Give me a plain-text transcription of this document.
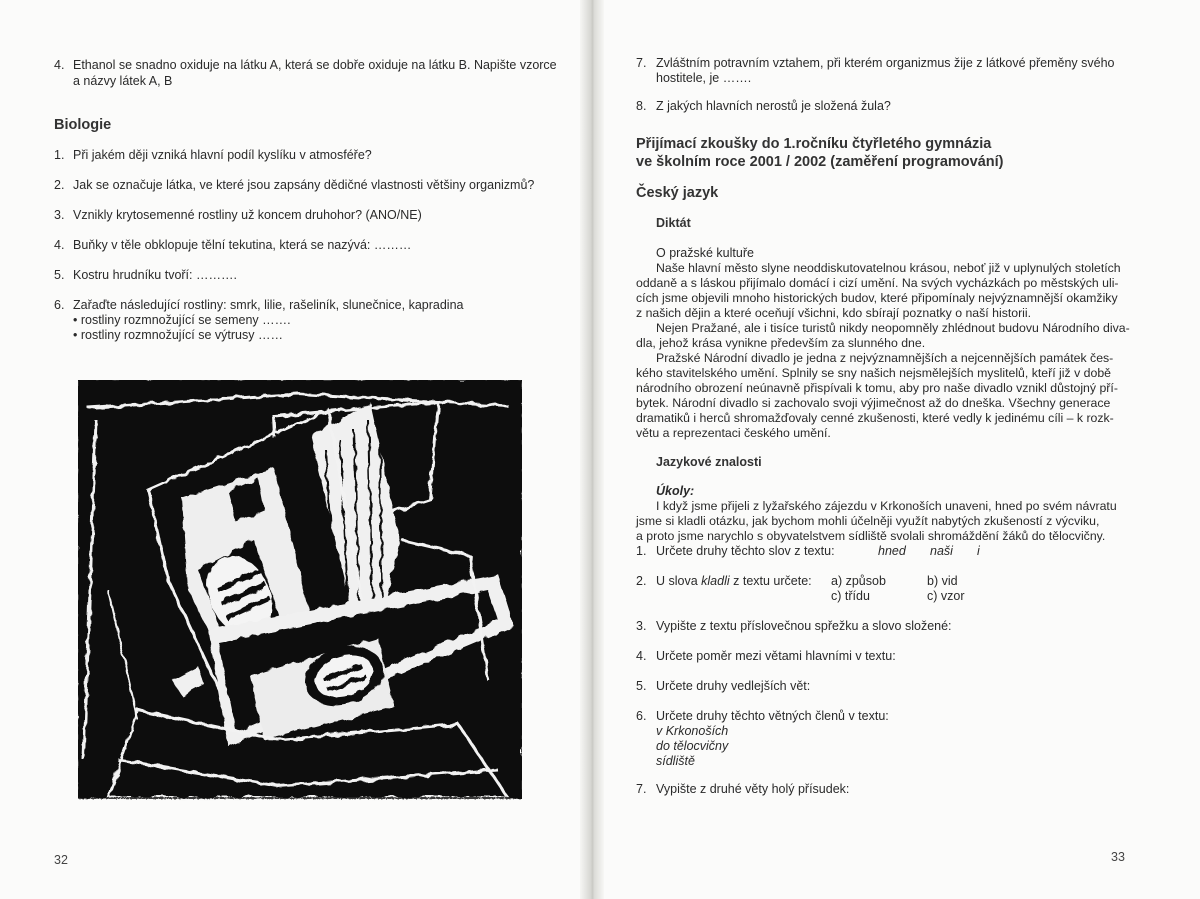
4. Ethanol se snadno oxiduje na látku A, která se dobře oxiduje na látku B. Napište vzorce
a názvy látek A, B
Biologie
1. Při jakém ději vzniká hlavní podíl kyslíku v atmosféře?
2. Jak se označuje látka, ve které jsou zapsány dědičné vlastnosti většiny organizmů?
3. Vznikly krytosemenné rostliny už koncem druhohor? (ANO/NE)
4. Buňky v těle obklopuje tělní tekutina, která se nazývá: ………
5. Kostru hrudníku tvoří: ……….
6. Zařaďte následující rostliny: smrk, lilie, rašeliník, slunečnice, kapradina
• rostliny rozmnožující se semeny …….
• rostliny rozmnožující se výtrusy ……
32
7. Zvláštním potravním vztahem, při kterém organizmus žije z látkové přeměny svého
hostitele, je …….
8. Z jakých hlavních nerostů je složená žula?
Přijímací zkoušky do 1.ročníku čtyřletého gymnázia
ve školním roce 2001 / 2002 (zaměření programování)
Český jazyk
Diktát
O pražské kultuře
Naše hlavní město slyne neoddiskutovatelnou krásou, neboť již v uplynulých stoletích
oddaně a s láskou přijímalo domácí i cizí umění. Na svých vycházkách po městských uli-
cích jsme objevili mnoho historických budov, které připomínaly nejvýznamnější okamžiky
z našich dějin a které oceňují všichni, kdo sbírají poznatky o naší historii.
Nejen Pražané, ale i tisíce turistů nikdy neopomněly zhlédnout budovu Národního diva-
dla, jehož krása vynikne především za slunného dne.
Pražské Národní divadlo je jedna z nejvýznamnějších a nejcennějších památek čes-
kého stavitelského umění. Splnily se sny našich nejsmělejších myslitelů, kteří již v době
národního obrození neúnavně přispívali k tomu, aby pro naše divadlo vznikl důstojný pří-
bytek. Národní divadlo si zachovalo svoji výjimečnost až do dneška. Všechny generace
dramatiků i herců shromažďovaly cenné zkušenosti, které vedly k jedinému cíli – k rozk-
větu a reprezentaci českého umění.
Jazykové znalosti
Úkoly:
I když jsme přijeli z lyžařského zájezdu v Krkonoších unaveni, hned po svém návratu
jsme si kladli otázku, jak bychom mohli účelněji využít nabytých zkušeností z výcviku,
a proto jsme narychlo s obyvatelstvem sídliště svolali shromáždění žáků do tělocvičny.
1. Určete druhy těchto slov z textu:	hned naši i
2. U slova kladli z textu určete: a) způsob	b) vid
c) třídu	c) vzor
3. Vypište z textu příslovečnou spřežku a slovo složené:
4. Určete poměr mezi větami hlavními v textu:
5. Určete druhy vedlejších vět:
6. Určete druhy těchto větných členů v textu:
v Krkonoších
do tělocvičny
sídliště
7. Vypište z druhé věty holý přísudek:
33
